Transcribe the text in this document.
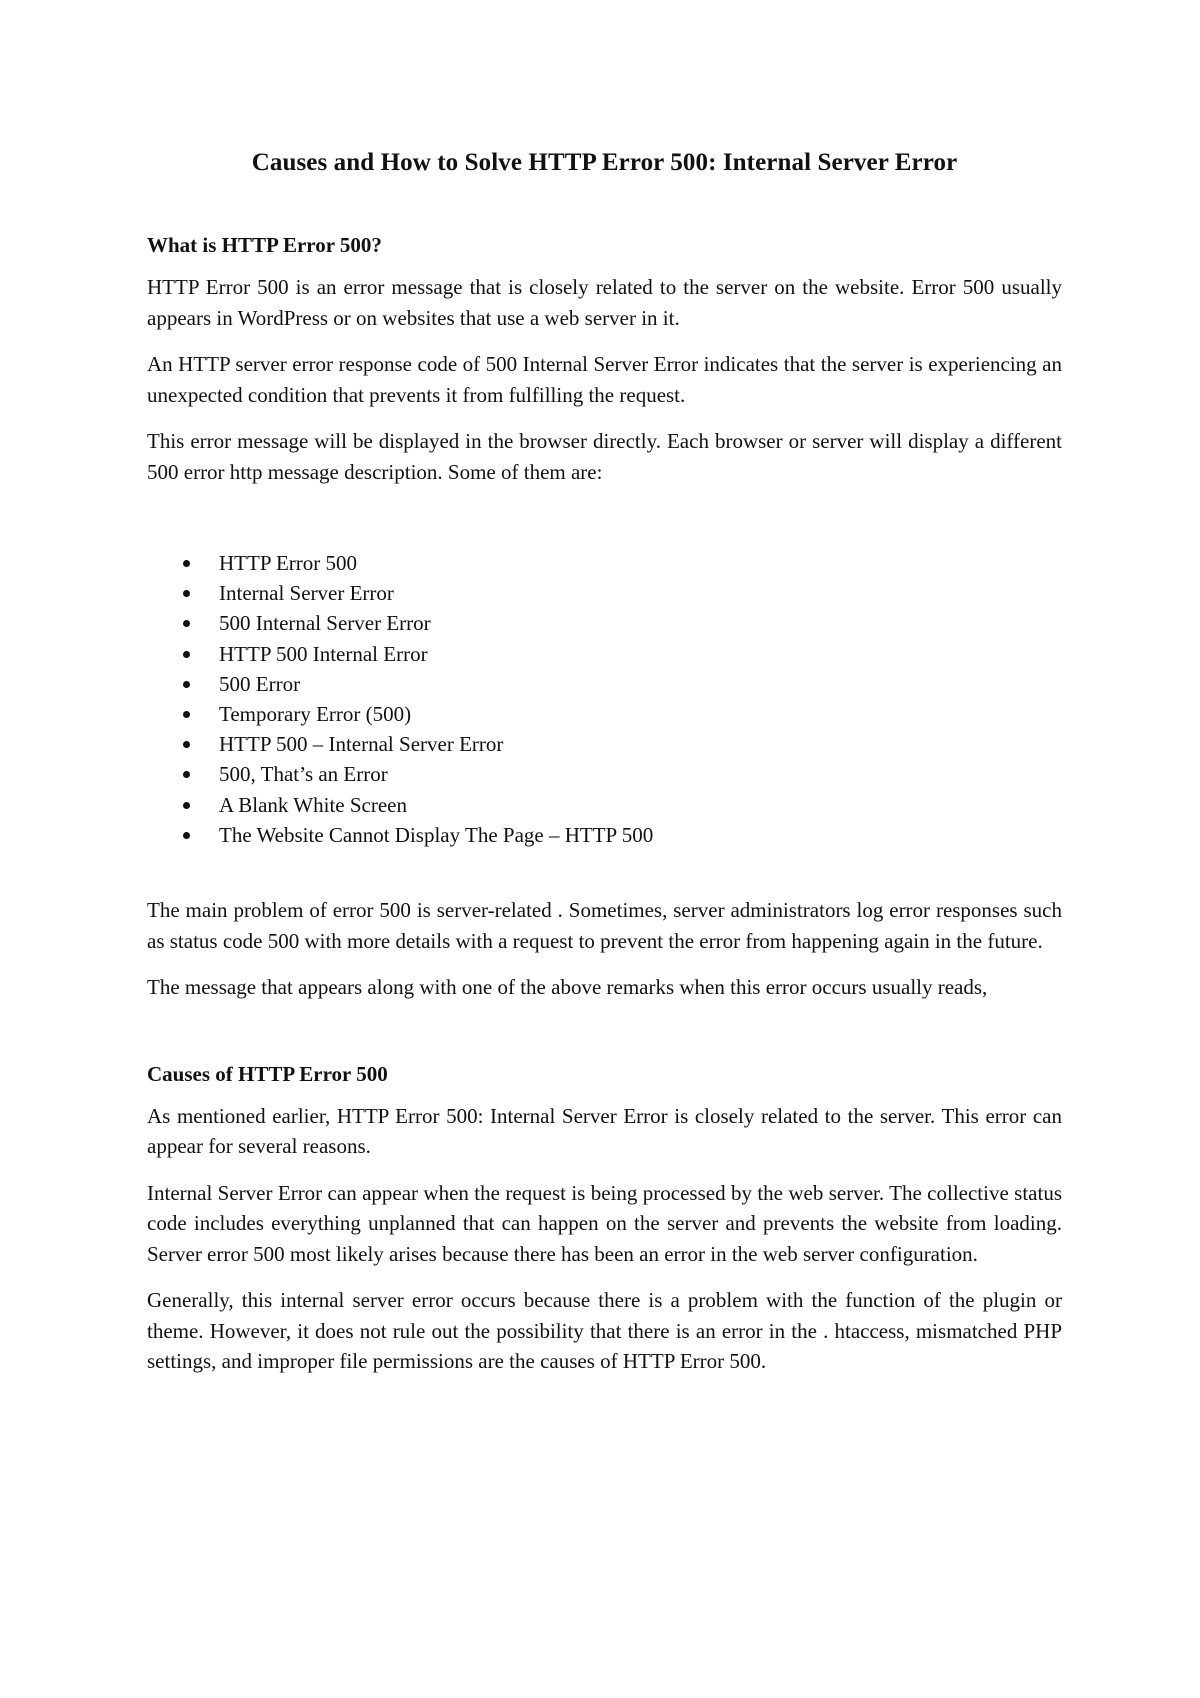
Causes and How to Solve HTTP Error 500: Internal Server Error
What is HTTP Error 500?

HTTP Error 500 is an error message that is closely related to the server on the website. Error 500 usually appears in WordPress or on websites that use a web server in it.

An HTTP server error response code of 500 Internal Server Error indicates that the server is experiencing an unexpected condition that prevents it from fulfilling the request.

This error message will be displayed in the browser directly. Each browser or server will display a different 500 error http message description. Some of them are:

HTTP Error 500
Internal Server Error
500 Internal Server Error
HTTP 500 Internal Error
500 Error
Temporary Error (500)
HTTP 500 – Internal Server Error
500, That’s an Error
A Blank White Screen
The Website Cannot Display The Page – HTTP 500

The main problem of error 500 is server-related . Sometimes, server administrators log error responses such as status code 500 with more details with a request to prevent the error from happening again in the future.

The message that appears along with one of the above remarks when this error occurs usually reads,

Causes of HTTP Error 500

As mentioned earlier, HTTP Error 500: Internal Server Error is closely related to the server. This error can appear for several reasons.

Internal Server Error can appear when the request is being processed by the web server. The collective status code includes everything unplanned that can happen on the server and prevents the website from loading. Server error 500 most likely arises because there has been an error in the web server configuration.

Generally, this internal server error occurs because there is a problem with the function of the plugin or theme. However, it does not rule out the possibility that there is an error in the . htaccess, mismatched PHP settings, and improper file permissions are the causes of HTTP Error 500.
